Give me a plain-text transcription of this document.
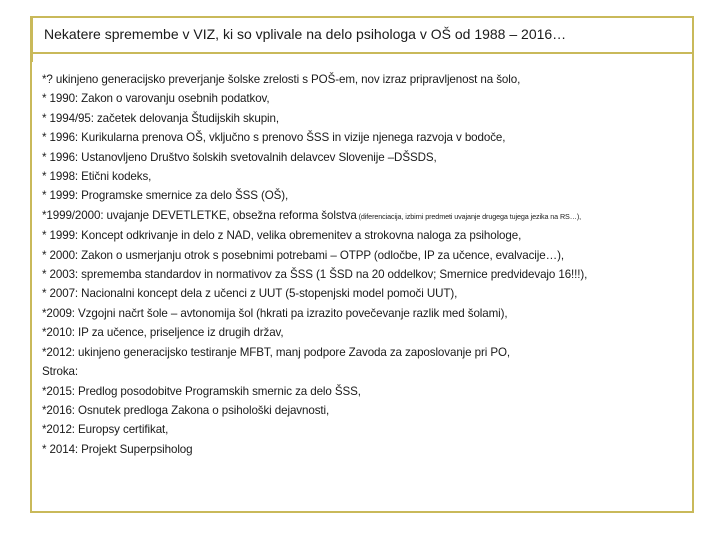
Nekatere spremembe v VIZ, ki so vplivale na delo psihologa v OŠ od 1988 – 2016…
*? ukinjeno generacijsko preverjanje šolske zrelosti s POŠ-em, nov izraz pripravljenost na šolo,
* 1990: Zakon o varovanju osebnih podatkov,
* 1994/95: začetek delovanja Študijskih skupin,
* 1996: Kurikularna prenova OŠ, vključno s prenovo ŠSS in vizije njenega razvoja v bodoče,
* 1996: Ustanovljeno Društvo šolskih svetovalnih delavcev Slovenije –DŠSDS,
* 1998: Etični kodeks,
* 1999: Programske smernice za delo ŠSS (OŠ),
*1999/2000: uvajanje DEVETLETKE, obsežna reforma šolstva (diferenciacija, izbirni predmeti uvajanje drugega tujega jezika na RS…),
* 1999: Koncept odkrivanje in delo z NAD, velika obremenitev a strokovna naloga za psihologe,
* 2000: Zakon o usmerjanju otrok s posebnimi potrebami – OTPP (odločbe, IP za učence, evalvacije…),
* 2003: sprememba standardov in normativov za ŠSS (1 ŠSD na 20 oddelkov; Smernice predvidevajo 16!!!),
* 2007: Nacionalni koncept dela z učenci z UUT (5-stopenjski model pomoči UUT),
*2009: Vzgojni načrt šole – avtonomija šol (hkrati pa izrazito povečevanje razlik med šolami),
*2010: IP za učence, priseljence iz drugih držav,
*2012: ukinjeno generacijsko testiranje MFBT, manj podpore Zavoda za zaposlovanje pri PO,
Stroka:
*2015: Predlog posodobitve Programskih smernic za delo ŠSS,
*2016: Osnutek predloga Zakona o psihološki dejavnosti,
*2012: Europsy certifikat,
* 2014: Projekt Superpsiholog
